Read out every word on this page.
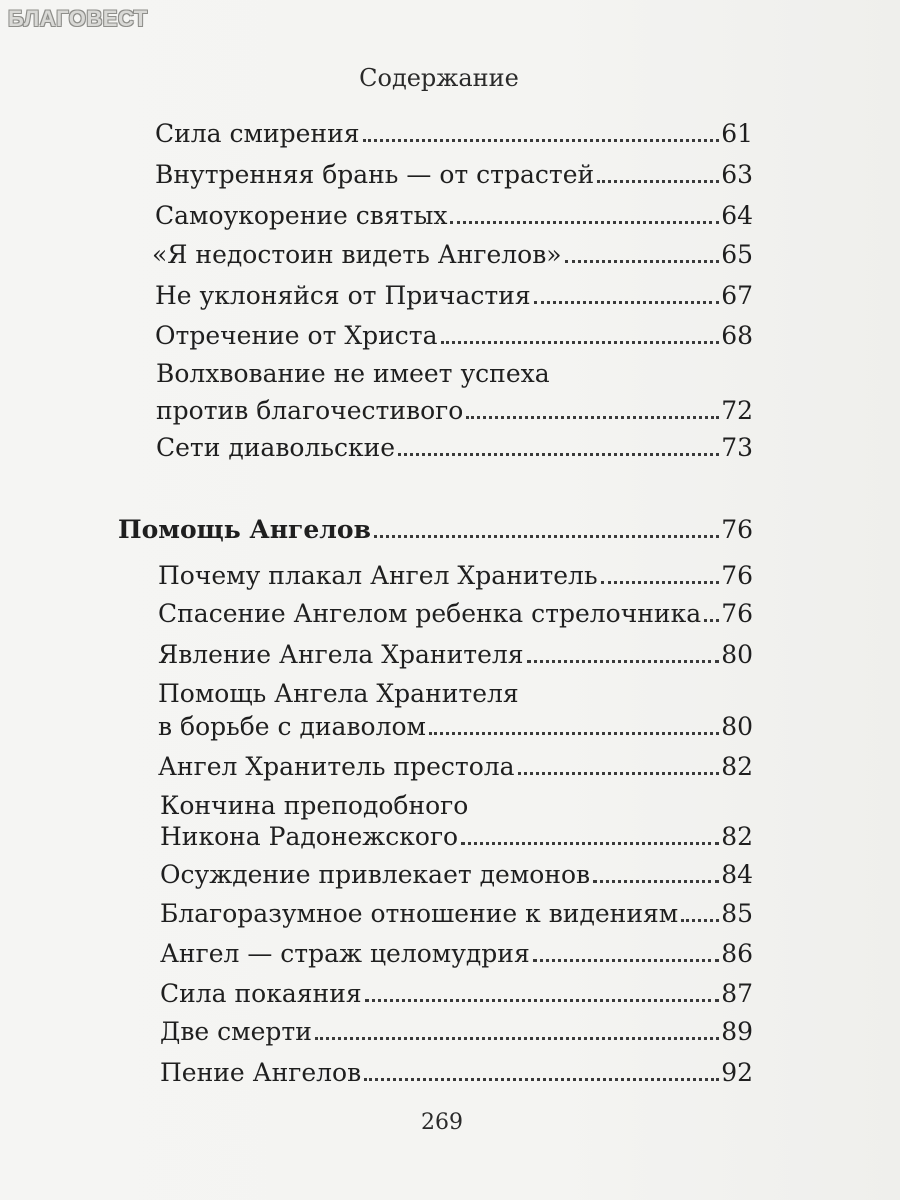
БЛАГОВЕСТ
Содержание
Сила смирения	61
Внутренняя брань — от страстей	63
Самоукорение святых	64
«Я недостоин видеть Ангелов»	65
Не уклоняйся от Причастия	67
Отречение от Христа	68
Волхвование не имеет успеха
против благочестивого	72
Сети диавольские	73
Помощь Ангелов	76
Почему плакал Ангел Хранитель	76
Спасение Ангелом ребенка стрелочника 76
Явление Ангела Хранителя	80
Помощь Ангела Хранителя
в борьбе с диаволом	80
Ангел Хранитель престола	82
Кончина преподобного
Никона Радонежского	82
Осуждение привлекает демонов	84
Благоразумное отношение к видениям 85
Ангел — страж целомудрия	86
Сила покаяния	87
Две смерти	89
Пение Ангелов	92
269
